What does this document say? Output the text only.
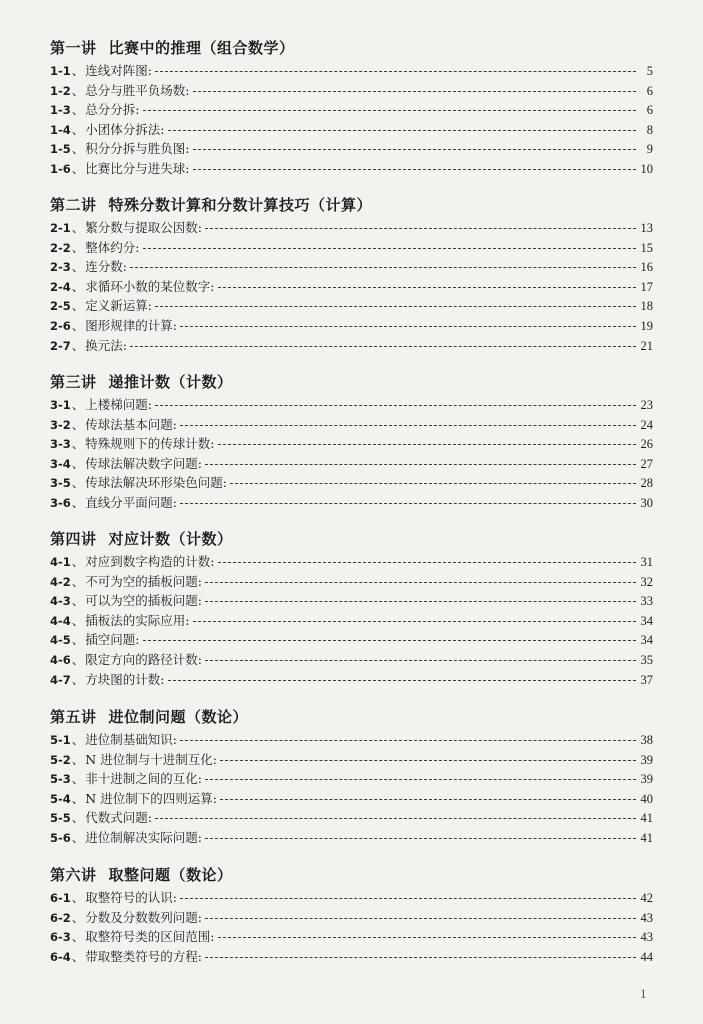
第一讲 比赛中的推理（组合数学）
1-1 、 连线对阵图:	5
1-2 、 总分与胜平负场数:	6
1-3 、 总分分拆:	6
1-4 、 小团体分拆法:	8
1-5 、 积分分拆与胜负图:	9
1-6 、 比赛比分与进失球:	10
第二讲 特殊分数计算和分数计算技巧（计算）
2-1 、 繁分数与提取公因数:	13
2-2 、 整体约分:	15
2-3 、 连分数:	16
2-4 、 求循环小数的某位数字:	17
2-5 、 定义新运算:	18
2-6 、 图形规律的计算:	19
2-7 、 换元法:	21
第三讲 递推计数（计数）
3-1 、 上楼梯问题:	23
3-2 、 传球法基本问题:	24
3-3 、 特殊规则下的传球计数:	26
3-4 、 传球法解决数字问题:	27
3-5 、 传球法解决环形染色问题:	28
3-6 、 直线分平面问题:	30
第四讲 对应计数（计数）
4-1 、 对应到数字构造的计数:	31
4-2 、 不可为空的插板问题:	32
4-3 、 可以为空的插板问题:	33
4-4 、 插板法的实际应用:	34
4-5 、 插空问题:	34
4-6 、 限定方向的路径计数:	35
4-7 、 方块图的计数:	37
第五讲 进位制问题（数论）
5-1 、 进位制基础知识:	38
5-2 、 N 进位制与十进制互化:	39
5-3 、 非十进制之间的互化:	39
5-4 、 N 进位制下的四则运算:	40
5-5 、 代数式问题:	41
5-6 、 进位制解决实际问题:	41
第六讲 取整问题（数论）
6-1 、 取整符号的认识:	42
6-2 、 分数及分数数列问题:	43
6-3 、 取整符号类的区间范围:	43
6-4 、 带取整类符号的方程:	44
1
